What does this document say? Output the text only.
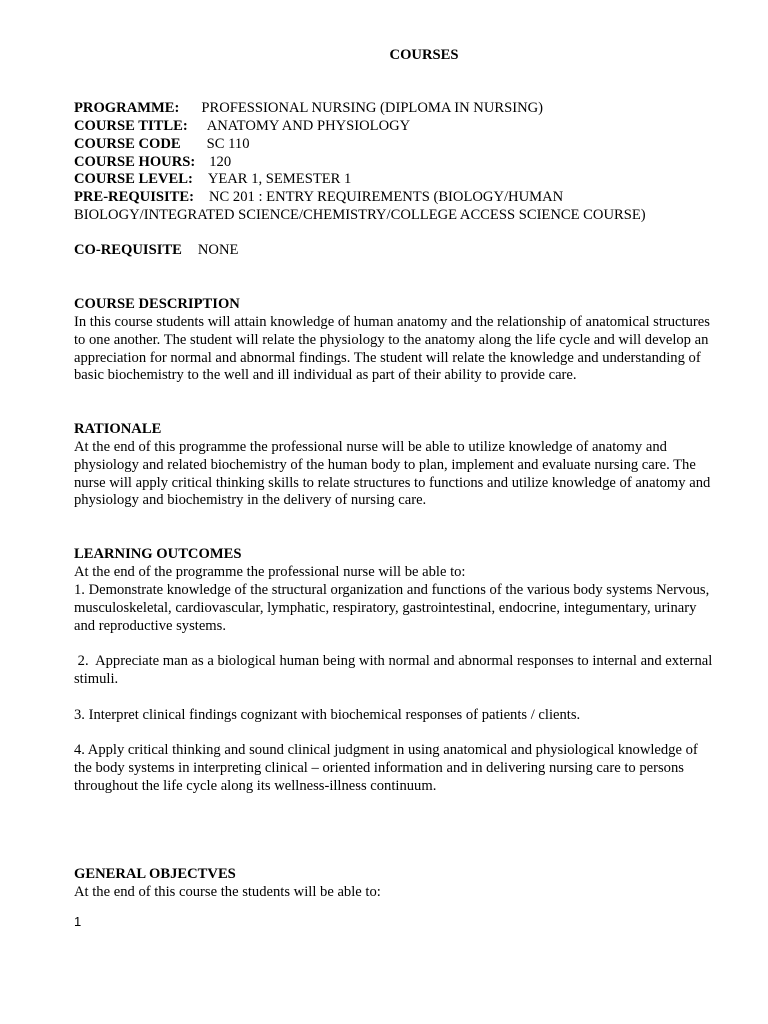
COURSES
PROGRAMME: PROFESSIONAL NURSING (DIPLOMA IN NURSING)
COURSE TITLE: ANATOMY AND PHYSIOLOGY
COURSE CODE SC 110
COURSE HOURS: 120
COURSE LEVEL: YEAR 1, SEMESTER 1
PRE-REQUISITE: NC 201 : ENTRY REQUIREMENTS (BIOLOGY/HUMAN
BIOLOGY/INTEGRATED SCIENCE/CHEMISTRY/COLLEGE ACCESS SCIENCE COURSE)
CO-REQUISITE NONE
COURSE DESCRIPTION
In this course students will attain knowledge of human anatomy and the relationship of anatomical structures to one another. The student will relate the physiology to the anatomy along the life cycle and will develop an appreciation for normal and abnormal findings. The student will relate the knowledge and understanding of basic biochemistry to the well and ill individual as part of their ability to provide care.
RATIONALE
At the end of this programme the professional nurse will be able to utilize knowledge of anatomy and physiology and related biochemistry of the human body to plan, implement and evaluate nursing care. The nurse will apply critical thinking skills to relate structures to functions and utilize knowledge of anatomy and physiology and biochemistry in the delivery of nursing care.
LEARNING OUTCOMES
At the end of the programme the professional nurse will be able to:
1. Demonstrate knowledge of the structural organization and functions of the various body systems Nervous, musculoskeletal, cardiovascular, lymphatic, respiratory, gastrointestinal, endocrine, integumentary, urinary and reproductive systems.
2.  Appreciate man as a biological human being with normal and abnormal responses to internal and external stimuli.
3. Interpret clinical findings cognizant with biochemical responses of patients / clients.
4. Apply critical thinking and sound clinical judgment in using anatomical and physiological knowledge of the body systems in interpreting clinical – oriented information and in delivering nursing care to persons throughout the life cycle along its wellness-illness continuum.
GENERAL OBJECTVES
At the end of this course the students will be able to:
1
